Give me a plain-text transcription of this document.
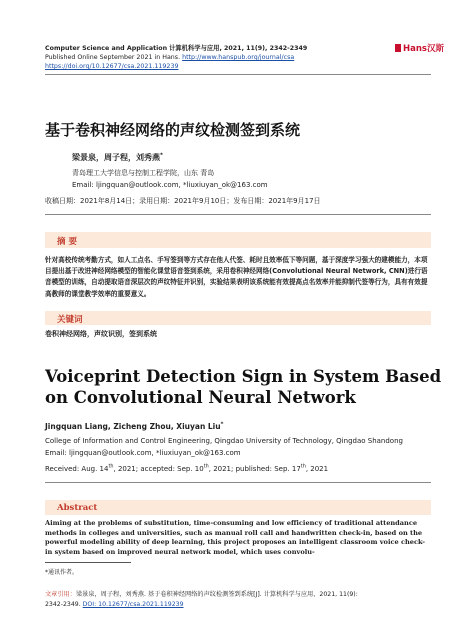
Computer Science and Application 计算机科学与应用, 2021, 11(9), 2342-2349
Published Online September 2021 in Hans. http://www.hanspub.org/journal/csa
https://doi.org/10.12677/csa.2021.119239
Hans汉斯
基于卷积神经网络的声纹检测签到系统
梁景泉，周子程，刘秀燕*
青岛理工大学信息与控制工程学院，山东 青岛
Email: ljingquan@outlook.com, *liuxiuyan_ok@163.com
收稿日期：2021年8月14日；录用日期：2021年9月10日；发布日期：2021年9月17日
摘 要
针对高校传统考勤方式，如人工点名、手写签到等方式存在他人代签、耗时且效率低下等问题，基于深度学习强大的建模能力，本项目提出基于改进神经网络模型的智能化课堂语音签到系统，采用卷积神经网络(Convolutional Neural Network, CNN)进行语音模型的训练，自动提取语音深层次的声纹特征并识别，实验结果表明该系统能有效提高点名效率并能抑制代签等行为，具有有效提高教师的课堂教学效率的重要意义。
关键词
卷积神经网络，声纹识别，签到系统
Voiceprint Detection Sign in System Based
on Convolutional Neural Network
Jingquan Liang, Zicheng Zhou, Xiuyan Liu*
College of Information and Control Engineering, Qingdao University of Technology, Qingdao Shandong
Email: ljingquan@outlook.com, *liuxiuyan_ok@163.com
Received: Aug. 14th, 2021; accepted: Sep. 10th, 2021; published: Sep. 17th, 2021
Abstract
Aiming at the problems of substitution, time-consuming and low efficiency of traditional attendance methods in colleges and universities, such as manual roll call and handwritten check-in, based on the powerful modeling ability of deep learning, this project proposes an intelligent classroom voice check-in system based on improved neural network model, which uses convolu-
*通讯作者。
文章引用：梁景泉，周子程，刘秀燕. 基于卷积神经网络的声纹检测签到系统[J]. 计算机科学与应用，2021, 11(9):
2342-2349. DOI: 10.12677/csa.2021.119239
